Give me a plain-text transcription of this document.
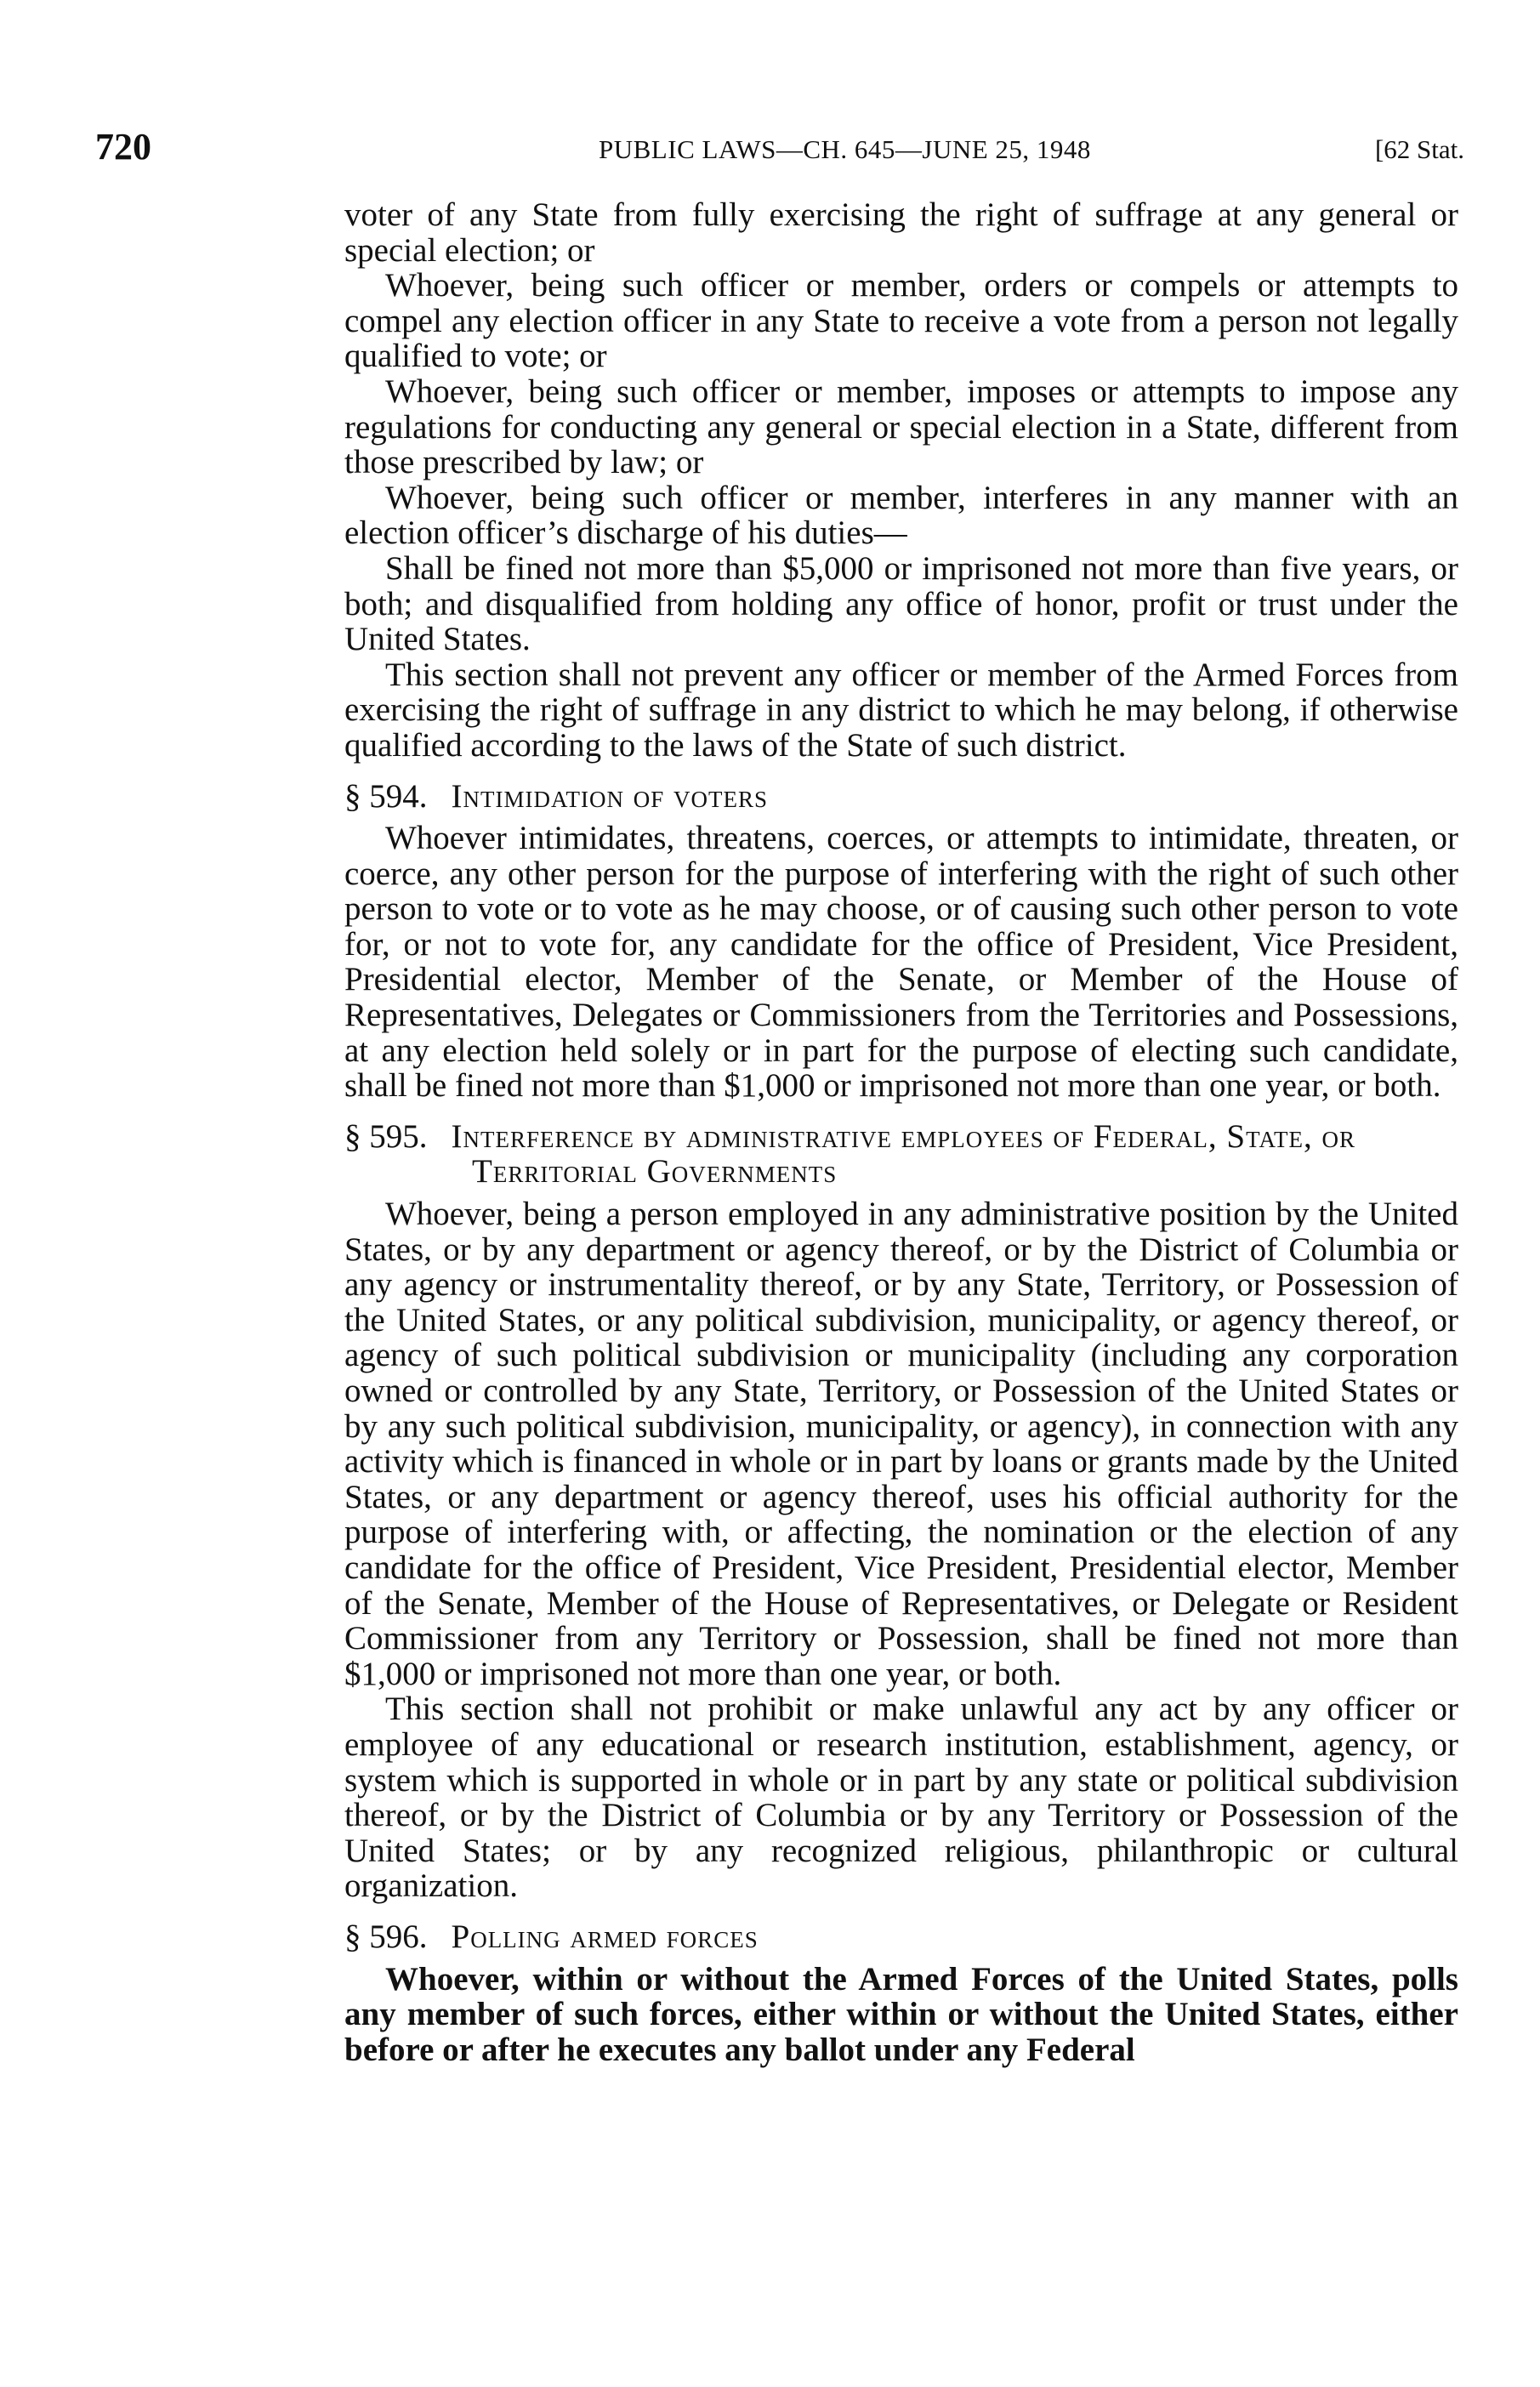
720	PUBLIC LAWS—CH. 645—JUNE 25, 1948	[62 Stat.

voter of any State from fully exercising the right of suffrage at any general or special election; or

Whoever, being such officer or member, orders or compels or attempts to compel any election officer in any State to receive a vote from a person not legally qualified to vote; or

Whoever, being such officer or member, imposes or attempts to impose any regulations for conducting any general or special election in a State, different from those prescribed by law; or

Whoever, being such officer or member, interferes in any manner with an election officer’s discharge of his duties—

Shall be fined not more than $5,000 or imprisoned not more than five years, or both; and disqualified from holding any office of honor, profit or trust under the United States.

This section shall not prevent any officer or member of the Armed Forces from exercising the right of suffrage in any district to which he may belong, if otherwise qualified according to the laws of the State of such district.

§ 594. Intimidation of voters

Whoever intimidates, threatens, coerces, or attempts to intimidate, threaten, or coerce, any other person for the purpose of interfering with the right of such other person to vote or to vote as he may choose, or of causing such other person to vote for, or not to vote for, any candidate for the office of President, Vice President, Presidential elector, Member of the Senate, or Member of the House of Representatives, Delegates or Commissioners from the Territories and Possessions, at any election held solely or in part for the purpose of electing such candidate, shall be fined not more than $1,000 or imprisoned not more than one year, or both.

§ 595. Interference by administrative employees of Federal, State, or Territorial Governments

Whoever, being a person employed in any administrative position by the United States, or by any department or agency thereof, or by the District of Columbia or any agency or instrumentality thereof, or by any State, Territory, or Possession of the United States, or any political subdivision, municipality, or agency thereof, or agency of such political subdivision or municipality (including any corporation owned or controlled by any State, Territory, or Possession of the United States or by any such political subdivision, municipality, or agency), in connection with any activity which is financed in whole or in part by loans or grants made by the United States, or any department or agency thereof, uses his official authority for the purpose of interfering with, or affecting, the nomination or the election of any candidate for the office of President, Vice President, Presidential elector, Member of the Senate, Member of the House of Representatives, or Delegate or Resident Commissioner from any Territory or Possession, shall be fined not more than $1,000 or imprisoned not more than one year, or both.

This section shall not prohibit or make unlawful any act by any officer or employee of any educational or research institution, establishment, agency, or system which is supported in whole or in part by any state or political subdivision thereof, or by the District of Columbia or by any Territory or Possession of the United States; or by any recognized religious, philanthropic or cultural organization.

§ 596. Polling armed forces

Whoever, within or without the Armed Forces of the United States, polls any member of such forces, either within or without the United States, either before or after he executes any ballot under any Federal
